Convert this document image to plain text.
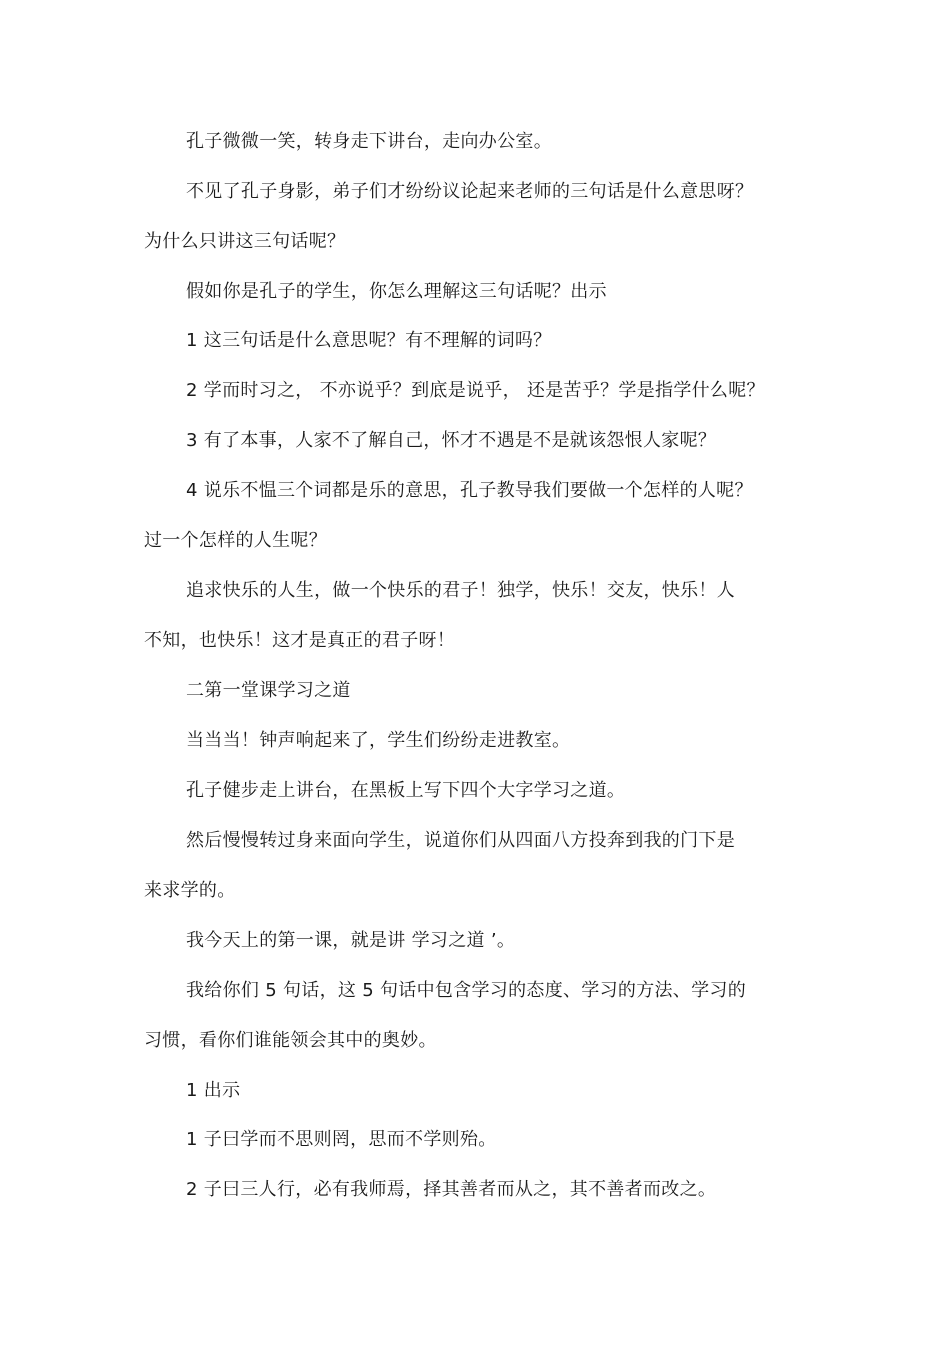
孔子微微一笑，转身走下讲台，走向办公室。
不见了孔子身影，弟子们才纷纷议论起来老师的三句话是什么意思呀？
为什么只讲这三句话呢？
假如你是孔子的学生，你怎么理解这三句话呢？出示
1 这三句话是什么意思呢？有不理解的词吗？
2 学而时习之， 不亦说乎？到底是说乎， 还是苦乎？学是指学什么呢？
3 有了本事，人家不了解自己，怀才不遇是不是就该怨恨人家呢？
4 说乐不愠三个词都是乐的意思，孔子教导我们要做一个怎样的人呢？
过一个怎样的人生呢？
追求快乐的人生，做一个快乐的君子！独学，快乐！交友，快乐！人
不知，也快乐！这才是真正的君子呀！
二第一堂课学习之道
当当当！钟声响起来了，学生们纷纷走进教室。
孔子健步走上讲台，在黑板上写下四个大字学习之道。
然后慢慢转过身来面向学生，说道你们从四面八方投奔到我的门下是
来求学的。
我今天上的第一课，就是讲 学习之道 ’。
我给你们 5 句话，这 5 句话中包含学习的态度、学习的方法、学习的
习惯，看你们谁能领会其中的奥妙。
1 出示
1 子曰学而不思则罔，思而不学则殆。
2 子曰三人行，必有我师焉，择其善者而从之，其不善者而改之。
